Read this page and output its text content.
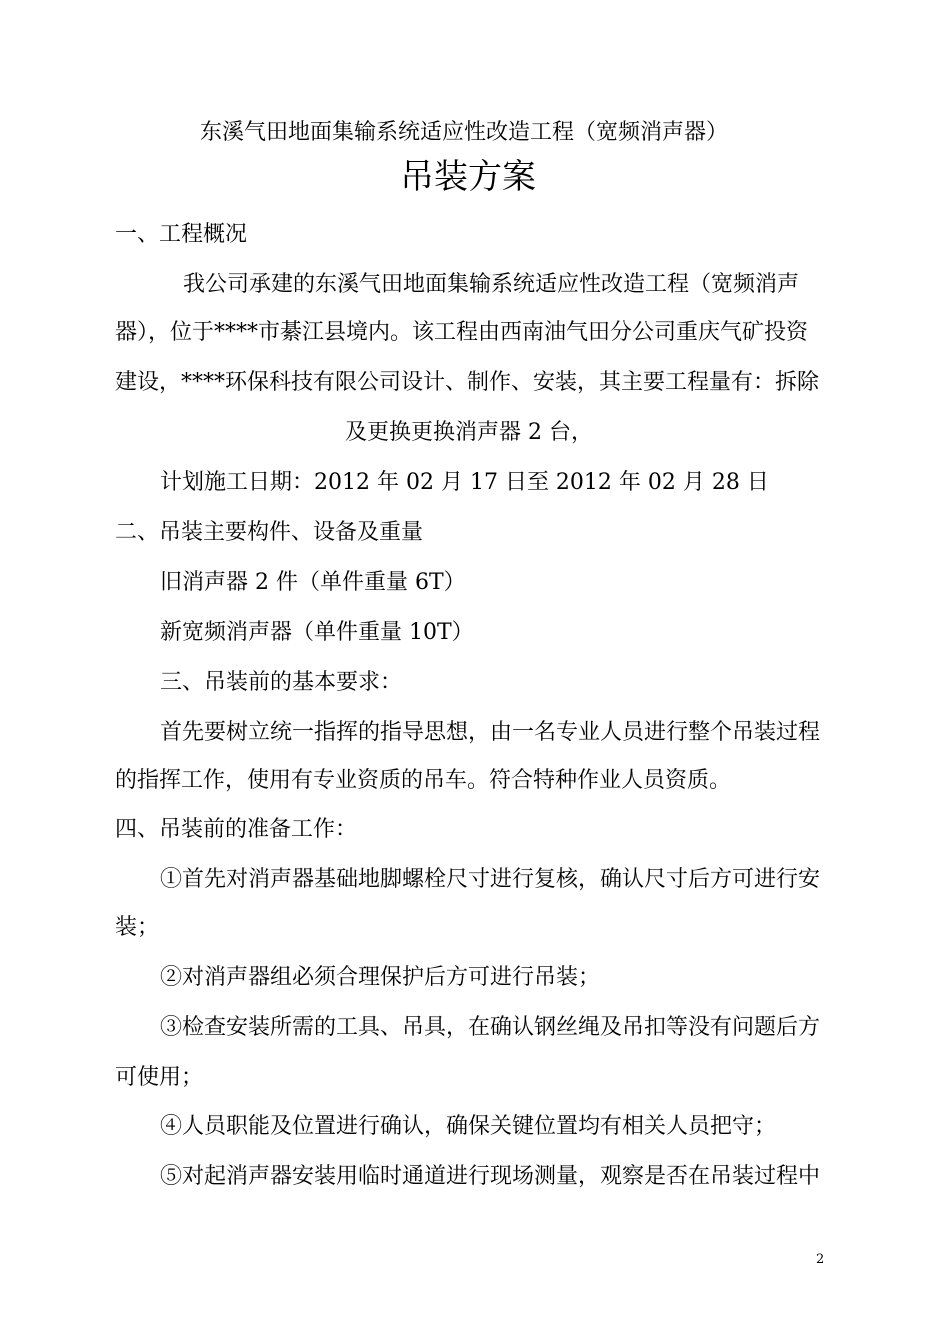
东溪气田地面集输系统适应性改造工程（宽频消声器）
吊装方案
一、工程概况
我公司承建的东溪气田地面集输系统适应性改造工程（宽频消声
器），位于****市綦江县境内。该工程由西南油气田分公司重庆气矿投资
建设，****环保科技有限公司设计、制作、安装，其主要工程量有：拆除
及更换更换消声器 2 台，
计划施工日期：2012 年 02 月 17 日至 2012 年 02 月 28 日
二、吊装主要构件、设备及重量
旧消声器 2 件（单件重量 6T）
新宽频消声器（单件重量 10T）
三、吊装前的基本要求：
首先要树立统一指挥的指导思想，由一名专业人员进行整个吊装过程
的指挥工作，使用有专业资质的吊车。符合特种作业人员资质。
四、吊装前的准备工作：
①首先对消声器基础地脚螺栓尺寸进行复核，确认尺寸后方可进行安
装；
②对消声器组必须合理保护后方可进行吊装；
③检查安装所需的工具、吊具，在确认钢丝绳及吊扣等没有问题后方
可使用；
④人员职能及位置进行确认，确保关键位置均有相关人员把守；
⑤对起消声器安装用临时通道进行现场测量，观察是否在吊装过程中
2
